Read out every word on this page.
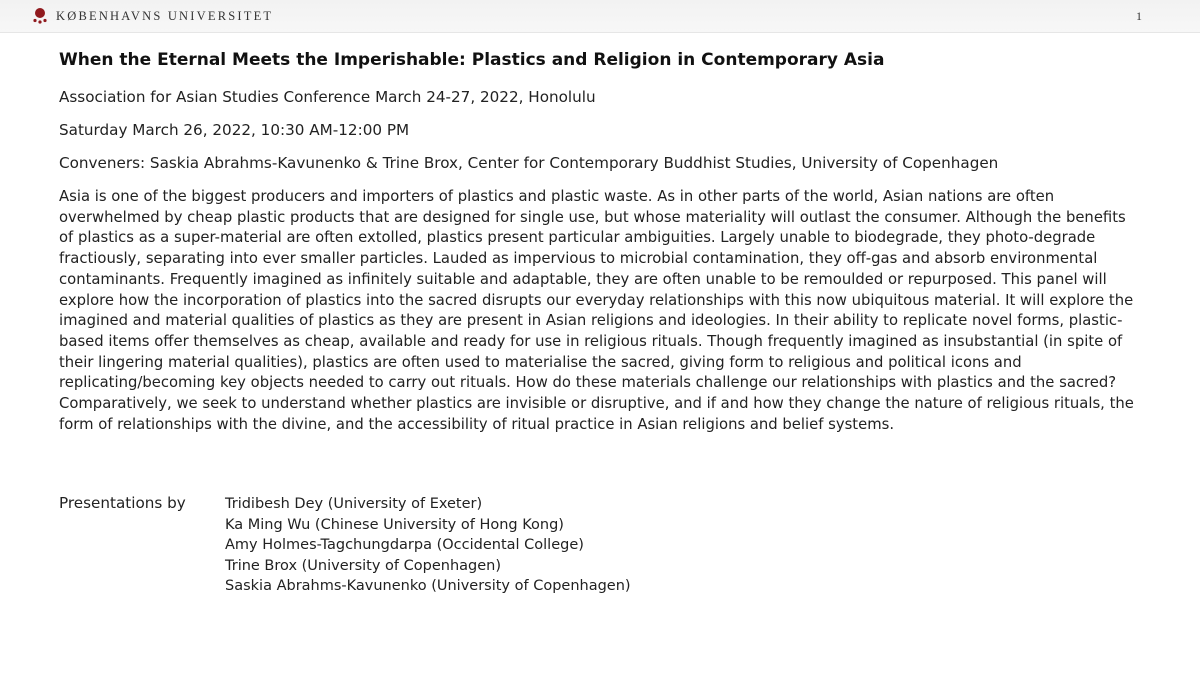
KØBENHAVNS UNIVERSITET	1
When the Eternal Meets the Imperishable: Plastics and Religion in Contemporary Asia
Association for Asian Studies Conference March 24-27, 2022, Honolulu
Saturday March 26, 2022, 10:30 AM-12:00 PM
Conveners: Saskia Abrahms-Kavunenko & Trine Brox, Center for Contemporary Buddhist Studies, University of Copenhagen
Asia is one of the biggest producers and importers of plastics and plastic waste. As in other parts of the world, Asian nations are often overwhelmed by cheap plastic products that are designed for single use, but whose materiality will outlast the consumer. Although the benefits of plastics as a super-material are often extolled, plastics present particular ambiguities. Largely unable to biodegrade, they photo-degrade fractiously, separating into ever smaller particles. Lauded as impervious to microbial contamination, they off-gas and absorb environmental contaminants. Frequently imagined as infinitely suitable and adaptable, they are often unable to be remoulded or repurposed. This panel will explore how the incorporation of plastics into the sacred disrupts our everyday relationships with this now ubiquitous material. It will explore the imagined and material qualities of plastics as they are present in Asian religions and ideologies. In their ability to replicate novel forms, plastic-based items offer themselves as cheap, available and ready for use in religious rituals. Though frequently imagined as insubstantial (in spite of their lingering material qualities), plastics are often used to materialise the sacred, giving form to religious and political icons and replicating/becoming key objects needed to carry out rituals. How do these materials challenge our relationships with plastics and the sacred? Comparatively, we seek to understand whether plastics are invisible or disruptive, and if and how they change the nature of religious rituals, the form of relationships with the divine, and the accessibility of ritual practice in Asian religions and belief systems.
Presentations by	Tridibesh Dey (University of Exeter)
Ka Ming Wu (Chinese University of Hong Kong)
Amy Holmes-Tagchungdarpa (Occidental College)
Trine Brox (University of Copenhagen)
Saskia Abrahms-Kavunenko (University of Copenhagen)
